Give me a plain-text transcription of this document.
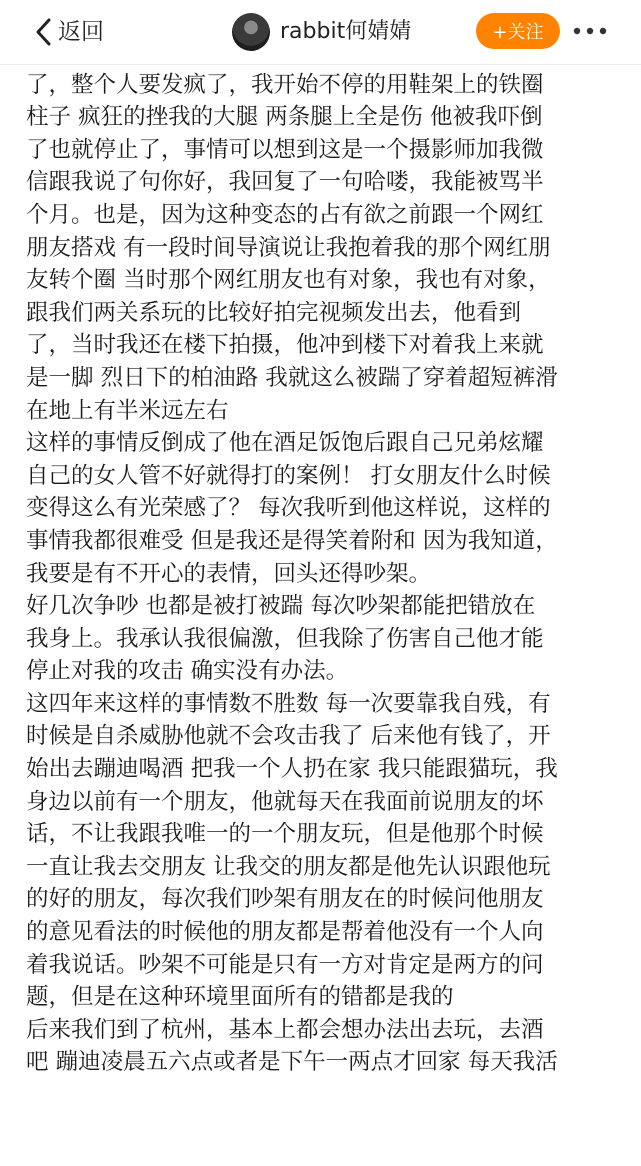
返回	rabbit何婧婧	+关注
了，整个人要发疯了，我开始不停的用鞋架上的铁圈
柱子 疯狂的挫我的大腿 两条腿上全是伤 他被我吓倒
了也就停止了，事情可以想到这是一个摄影师加我微
信跟我说了句你好，我回复了一句哈喽，我能被骂半
个月。也是，因为这种变态的占有欲之前跟一个网红
朋友搭戏 有一段时间导演说让我抱着我的那个网红朋
友转个圈 当时那个网红朋友也有对象，我也有对象，
跟我们两关系玩的比较好拍完视频发出去，他看到
了，当时我还在楼下拍摄，他冲到楼下对着我上来就
是一脚 烈日下的柏油路 我就这么被踹了穿着超短裤滑
在地上有半米远左右
这样的事情反倒成了他在酒足饭饱后跟自己兄弟炫耀
自己的女人管不好就得打的案例！ 打女朋友什么时候
变得这么有光荣感了？ 每次我听到他这样说，这样的
事情我都很难受 但是我还是得笑着附和 因为我知道，
我要是有不开心的表情，回头还得吵架。
好几次争吵 也都是被打被踹 每次吵架都能把错放在
我身上。我承认我很偏激，但我除了伤害自己他才能
停止对我的攻击 确实没有办法。
这四年来这样的事情数不胜数 每一次要靠我自残，有
时候是自杀威胁他就不会攻击我了 后来他有钱了，开
始出去蹦迪喝酒 把我一个人扔在家 我只能跟猫玩，我
身边以前有一个朋友，他就每天在我面前说朋友的坏
话，不让我跟我唯一的一个朋友玩，但是他那个时候
一直让我去交朋友 让我交的朋友都是他先认识跟他玩
的好的朋友，每次我们吵架有朋友在的时候问他朋友
的意见看法的时候他的朋友都是帮着他没有一个人向
着我说话。吵架不可能是只有一方对肯定是两方的问
题，但是在这种环境里面所有的错都是我的
后来我们到了杭州，基本上都会想办法出去玩，去酒
吧 蹦迪凌晨五六点或者是下午一两点才回家 每天我活
